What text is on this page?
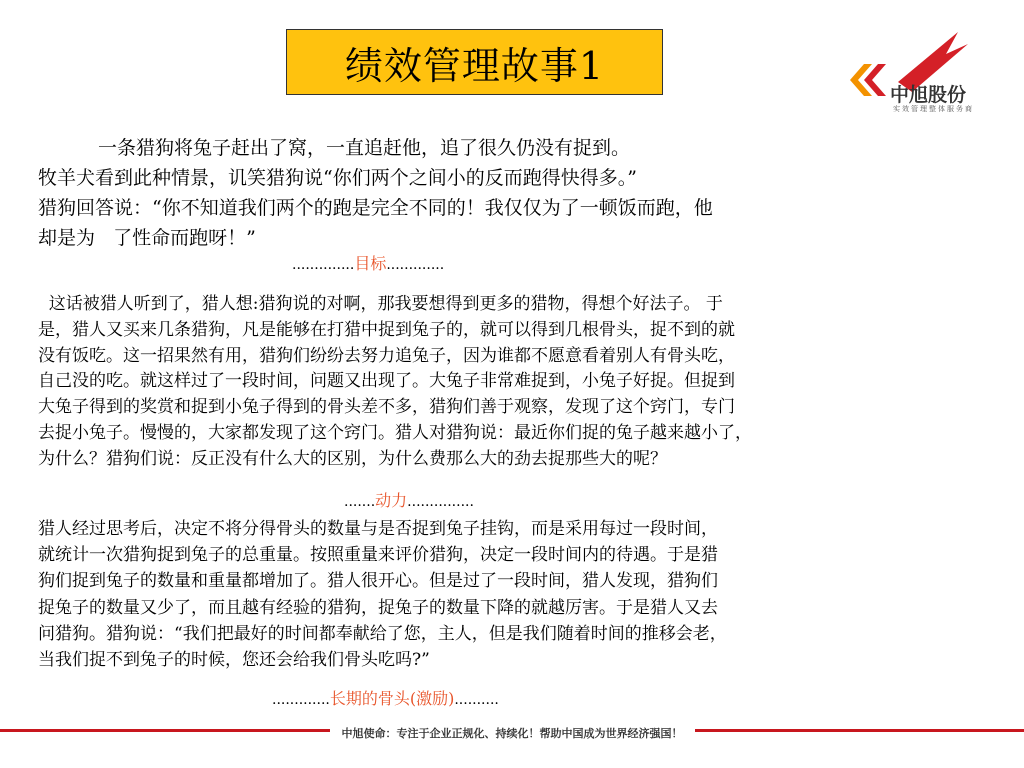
绩效管理故事1
中旭股份
实效管理整体服务商
一条猎狗将兔子赶出了窝，一直追赶他，追了很久仍没有捉到。
牧羊犬看到此种情景，讥笑猎狗说“你们两个之间小的反而跑得快得多。”
猎狗回答说：“你不知道我们两个的跑是完全不同的！我仅仅为了一顿饭而跑，他
却是为   了性命而跑呀！”
..............目标.............
这话被猎人听到了，猎人想:猎狗说的对啊，那我要想得到更多的猎物，得想个好法子。 于
是，猎人又买来几条猎狗，凡是能够在打猎中捉到兔子的，就可以得到几根骨头，捉不到的就
没有饭吃。这一招果然有用，猎狗们纷纷去努力追兔子，因为谁都不愿意看着别人有骨头吃，
自己没的吃。就这样过了一段时间，问题又出现了。大兔子非常难捉到，小兔子好捉。但捉到
大兔子得到的奖赏和捉到小兔子得到的骨头差不多，猎狗们善于观察，发现了这个窍门，专门
去捉小兔子。慢慢的，大家都发现了这个窍门。猎人对猎狗说：最近你们捉的兔子越来越小了，
为什么？猎狗们说：反正没有什么大的区别，为什么费那么大的劲去捉那些大的呢？
.......动力...............
猎人经过思考后，决定不将分得骨头的数量与是否捉到兔子挂钩，而是采用每过一段时间，
就统计一次猎狗捉到兔子的总重量。按照重量来评价猎狗，决定一段时间内的待遇。于是猎
狗们捉到兔子的数量和重量都增加了。猎人很开心。但是过了一段时间，猎人发现，猎狗们
捉兔子的数量又少了，而且越有经验的猎狗，捉兔子的数量下降的就越厉害。于是猎人又去
问猎狗。猎狗说：“我们把最好的时间都奉献给了您，主人，但是我们随着时间的推移会老，
当我们捉不到兔子的时候，您还会给我们骨头吃吗?”
.............长期的骨头(激励)..........
中旭使命：专注于企业正规化、持续化！帮助中国成为世界经济强国！
